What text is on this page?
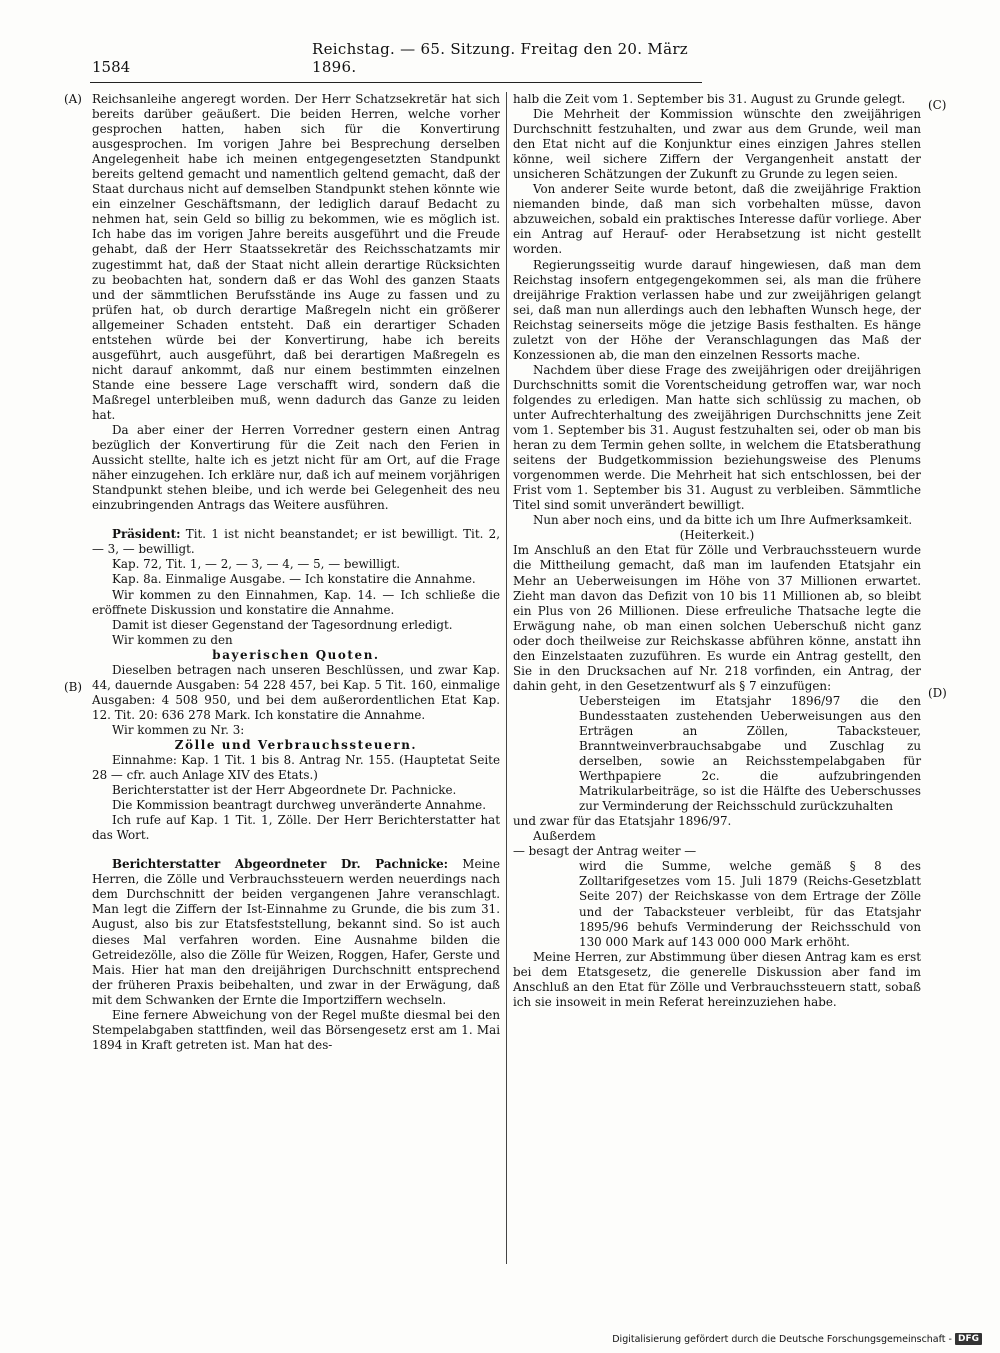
1584
Reichstag. — 65. Sitzung. Freitag den 20. März 1896.
(A)
(B)
(C)
(D)

Reichsanleihe angeregt worden. Der Herr Schatzsekretär hat sich bereits darüber geäußert. Die beiden Herren, welche vorher gesprochen hatten, haben sich für die Konvertirung ausgesprochen. Im vorigen Jahre bei Besprechung derselben Angelegenheit habe ich meinen entgegengesetzten Standpunkt bereits geltend gemacht und namentlich geltend gemacht, daß der Staat durchaus nicht auf demselben Standpunkt stehen könnte wie ein einzelner Geschäftsmann, der lediglich darauf Bedacht zu nehmen hat, sein Geld so billig zu bekommen, wie es möglich ist. Ich habe das im vorigen Jahre bereits ausgeführt und die Freude gehabt, daß der Herr Staatssekretär des Reichsschatzamts mir zugestimmt hat, daß der Staat nicht allein derartige Rücksichten zu beobachten hat, sondern daß er das Wohl des ganzen Staats und der sämmtlichen Berufsstände ins Auge zu fassen und zu prüfen hat, ob durch derartige Maßregeln nicht ein größerer allgemeiner Schaden entsteht. Daß ein derartiger Schaden entstehen würde bei der Konvertirung, habe ich bereits ausgeführt, auch ausgeführt, daß bei derartigen Maßregeln es nicht darauf ankommt, daß nur einem bestimmten einzelnen Stande eine bessere Lage verschafft wird, sondern daß die Maßregel unterbleiben muß, wenn dadurch das Ganze zu leiden hat.

Da aber einer der Herren Vorredner gestern einen Antrag bezüglich der Konvertirung für die Zeit nach den Ferien in Aussicht stellte, halte ich es jetzt nicht für am Ort, auf die Frage näher einzugehen. Ich erkläre nur, daß ich auf meinem vorjährigen Standpunkt stehen bleibe, und ich werde bei Gelegenheit des neu einzubringenden Antrags das Weitere ausführen.

Präsident: Tit. 1 ist nicht beanstandet; er ist bewilligt. Tit. 2, — 3, — bewilligt.

Kap. 72, Tit. 1, — 2, — 3, — 4, — 5, — bewilligt.

Kap. 8a. Einmalige Ausgabe. — Ich konstatire die Annahme.

Wir kommen zu den Einnahmen, Kap. 14. — Ich schließe die eröffnete Diskussion und konstatire die Annahme.

Damit ist dieser Gegenstand der Tagesordnung erledigt.

Wir kommen zu den

bayerischen Quoten.

Dieselben betragen nach unseren Beschlüssen, und zwar Kap. 44, dauernde Ausgaben: 54 228 457, bei Kap. 5 Tit. 160, einmalige Ausgaben: 4 508 950, und bei dem außerordentlichen Etat Kap. 12. Tit. 20: 636 278 Mark. Ich konstatire die Annahme.

Wir kommen zu Nr. 3:

Zölle und Verbrauchssteuern.

Einnahme: Kap. 1 Tit. 1 bis 8. Antrag Nr. 155. (Hauptetat Seite 28 — cfr. auch Anlage XIV des Etats.)

Berichterstatter ist der Herr Abgeordnete Dr. Pachnicke.

Die Kommission beantragt durchweg unveränderte Annahme.

Ich rufe auf Kap. 1 Tit. 1, Zölle. Der Herr Berichterstatter hat das Wort.

Berichterstatter Abgeordneter Dr. Pachnicke: Meine Herren, die Zölle und Verbrauchssteuern werden neuerdings nach dem Durchschnitt der beiden vergangenen Jahre veranschlagt. Man legt die Ziffern der Ist-Einnahme zu Grunde, die bis zum 31. August, also bis zur Etatsfeststellung, bekannt sind. So ist auch dieses Mal verfahren worden. Eine Ausnahme bilden die Getreidezölle, also die Zölle für Weizen, Roggen, Hafer, Gerste und Mais. Hier hat man den dreijährigen Durchschnitt entsprechend der früheren Praxis beibehalten, und zwar in der Erwägung, daß mit dem Schwanken der Ernte die Importziffern wechseln.

Eine fernere Abweichung von der Regel mußte diesmal bei den Stempelabgaben stattfinden, weil das Börsengesetz erst am 1. Mai 1894 in Kraft getreten ist. Man hat des-

halb die Zeit vom 1. September bis 31. August zu Grunde gelegt.

Die Mehrheit der Kommission wünschte den zweijährigen Durchschnitt festzuhalten, und zwar aus dem Grunde, weil man den Etat nicht auf die Konjunktur eines einzigen Jahres stellen könne, weil sichere Ziffern der Vergangenheit anstatt der unsicheren Schätzungen der Zukunft zu Grunde zu legen seien.

Von anderer Seite wurde betont, daß die zweijährige Fraktion niemanden binde, daß man sich vorbehalten müsse, davon abzuweichen, sobald ein praktisches Interesse dafür vorliege. Aber ein Antrag auf Herauf- oder Herabsetzung ist nicht gestellt worden.

Regierungsseitig wurde darauf hingewiesen, daß man dem Reichstag insofern entgegengekommen sei, als man die frühere dreijährige Fraktion verlassen habe und zur zweijährigen gelangt sei, daß man nun allerdings auch den lebhaften Wunsch hege, der Reichstag seinerseits möge die jetzige Basis festhalten. Es hänge zuletzt von der Höhe der Veranschlagungen das Maß der Konzessionen ab, die man den einzelnen Ressorts mache.

Nachdem über diese Frage des zweijährigen oder dreijährigen Durchschnitts somit die Vorentscheidung getroffen war, war noch folgendes zu erledigen. Man hatte sich schlüssig zu machen, ob unter Aufrechterhaltung des zweijährigen Durchschnitts jene Zeit vom 1. September bis 31. August festzuhalten sei, oder ob man bis heran zu dem Termin gehen sollte, in welchem die Etatsberathung seitens der Budgetkommission beziehungsweise des Plenums vorgenommen werde. Die Mehrheit hat sich entschlossen, bei der Frist vom 1. September bis 31. August zu verbleiben. Sämmtliche Titel sind somit unverändert bewilligt.

Nun aber noch eins, und da bitte ich um Ihre Aufmerksamkeit.

(Heiterkeit.)

Im Anschluß an den Etat für Zölle und Verbrauchssteuern wurde die Mittheilung gemacht, daß man im laufenden Etatsjahr ein Mehr an Ueberweisungen im Höhe von 37 Millionen erwartet. Zieht man davon das Defizit von 10 bis 11 Millionen ab, so bleibt ein Plus von 26 Millionen. Diese erfreuliche Thatsache legte die Erwägung nahe, ob man einen solchen Ueberschuß nicht ganz oder doch theilweise zur Reichskasse abführen könne, anstatt ihn den Einzelstaaten zuzuführen. Es wurde ein Antrag gestellt, den Sie in den Drucksachen auf Nr. 218 vorfinden, ein Antrag, der dahin geht, in den Gesetzentwurf als § 7 einzufügen:

Uebersteigen im Etatsjahr 1896/97 die den Bundesstaaten zustehenden Ueberweisungen aus den Erträgen an Zöllen, Tabacksteuer, Branntweinverbrauchsabgabe und Zuschlag zu derselben, sowie an Reichsstempelabgaben für Werthpapiere 2c. die aufzubringenden Matrikularbeiträge, so ist die Hälfte des Ueberschusses zur Verminderung der Reichsschuld zurückzuhalten

und zwar für das Etatsjahr 1896/97.

Außerdem

— besagt der Antrag weiter —

wird die Summe, welche gemäß § 8 des Zolltarifgesetzes vom 15. Juli 1879 (Reichs-Gesetzblatt Seite 207) der Reichskasse von dem Ertrage der Zölle und der Tabacksteuer verbleibt, für das Etatsjahr 1895/96 behufs Verminderung der Reichsschuld von 130 000 Mark auf 143 000 000 Mark erhöht.

Meine Herren, zur Abstimmung über diesen Antrag kam es erst bei dem Etatsgesetz, die generelle Diskussion aber fand im Anschluß an den Etat für Zölle und Verbrauchssteuern statt, sobaß ich sie insoweit in mein Referat hereinzuziehen habe.

Digitalisierung gefördert durch die Deutsche Forschungsgemeinschaft - DFG
